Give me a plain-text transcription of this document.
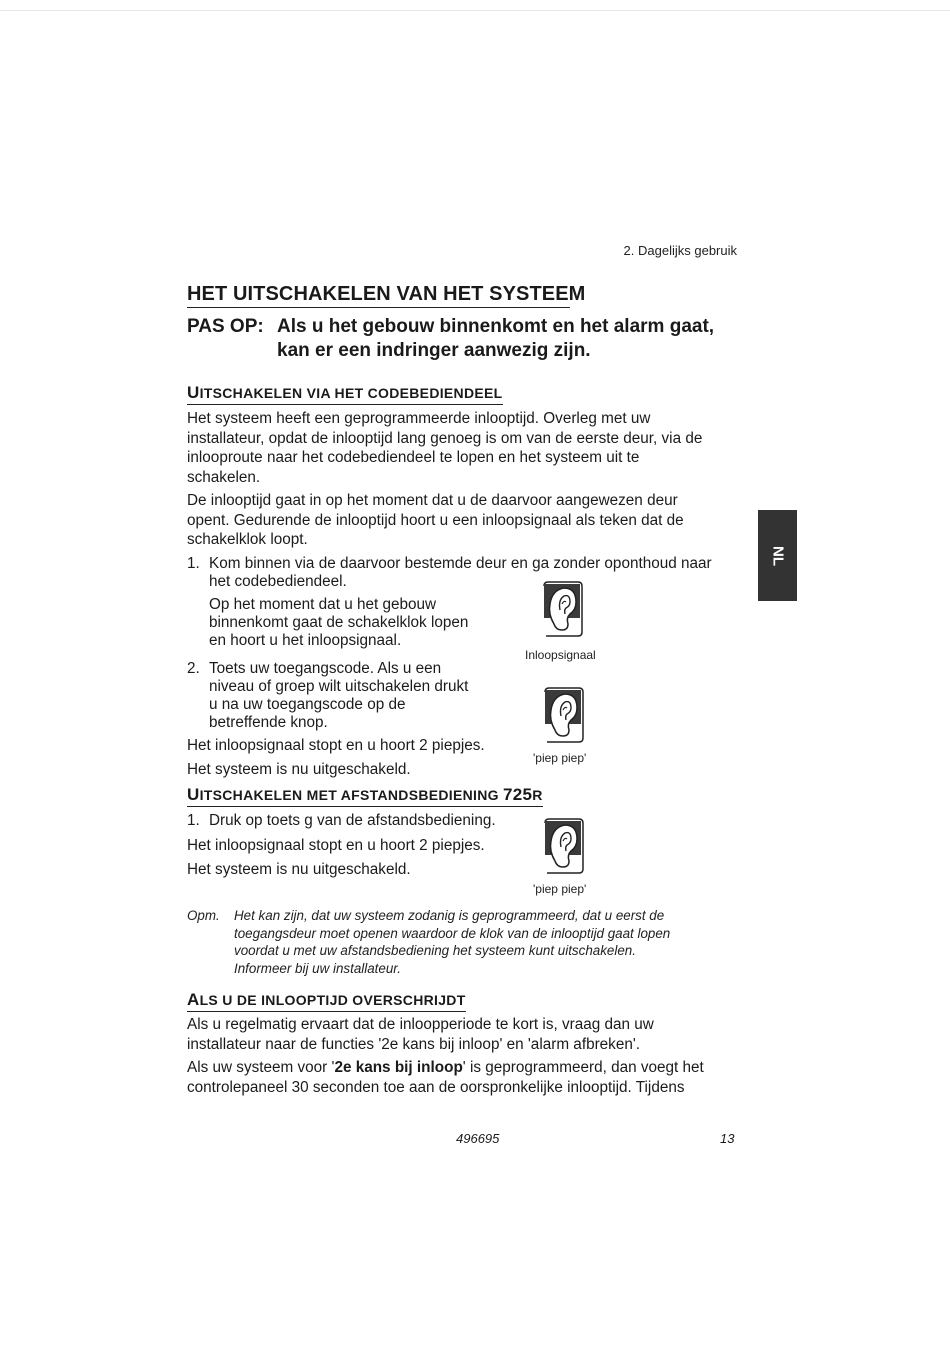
2. Dagelijks gebruik
HET UITSCHAKELEN VAN HET SYSTEEM
PAS OP: Als u het gebouw binnenkomt en het alarm gaat,
kan er een indringer aanwezig zijn.
UITSCHAKELEN VIA HET CODEBEDIENDEEL
Het systeem heeft een geprogrammeerde inlooptijd. Overleg met uw
installateur, opdat de inlooptijd lang genoeg is om van de eerste deur, via de
inlooproute naar het codebediendeel te lopen en het systeem uit te
schakelen.
De inlooptijd gaat in op het moment dat u de daarvoor aangewezen deur
opent. Gedurende de inlooptijd hoort u een inloopsignaal als teken dat de
schakelklok loopt.
1. Kom binnen via de daarvoor bestemde deur en ga zonder oponthoud naar
het codebediendeel.
Op het moment dat u het gebouw
binnenkomt gaat de schakelklok lopen
en hoort u het inloopsignaal.
2. Toets uw toegangscode. Als u een
niveau of groep wilt uitschakelen drukt
u na uw toegangscode op de
betreffende knop.
Het inloopsignaal stopt en u hoort 2 piepjes.
Het systeem is nu uitgeschakeld.
Inloopsignaal
'piep piep'
UITSCHAKELEN MET AFSTANDSBEDIENING 725R
1. Druk op toets g van de afstandsbediening.
Het inloopsignaal stopt en u hoort 2 piepjes.
Het systeem is nu uitgeschakeld.
'piep piep'
Opm. Het kan zijn, dat uw systeem zodanig is geprogrammeerd, dat u eerst de
toegangsdeur moet openen waardoor de klok van de inlooptijd gaat lopen
voordat u met uw afstandsbediening het systeem kunt uitschakelen.
Informeer bij uw installateur.
ALS U DE INLOOPTIJD OVERSCHRIJDT
Als u regelmatig ervaart dat de inloopperiode te kort is, vraag dan uw
installateur naar de functies '2e kans bij inloop' en 'alarm afbreken'.
Als uw systeem voor '2e kans bij inloop' is geprogrammeerd, dan voegt het
controlepaneel 30 seconden toe aan de oorspronkelijke inlooptijd. Tijdens
NL
496695	13
